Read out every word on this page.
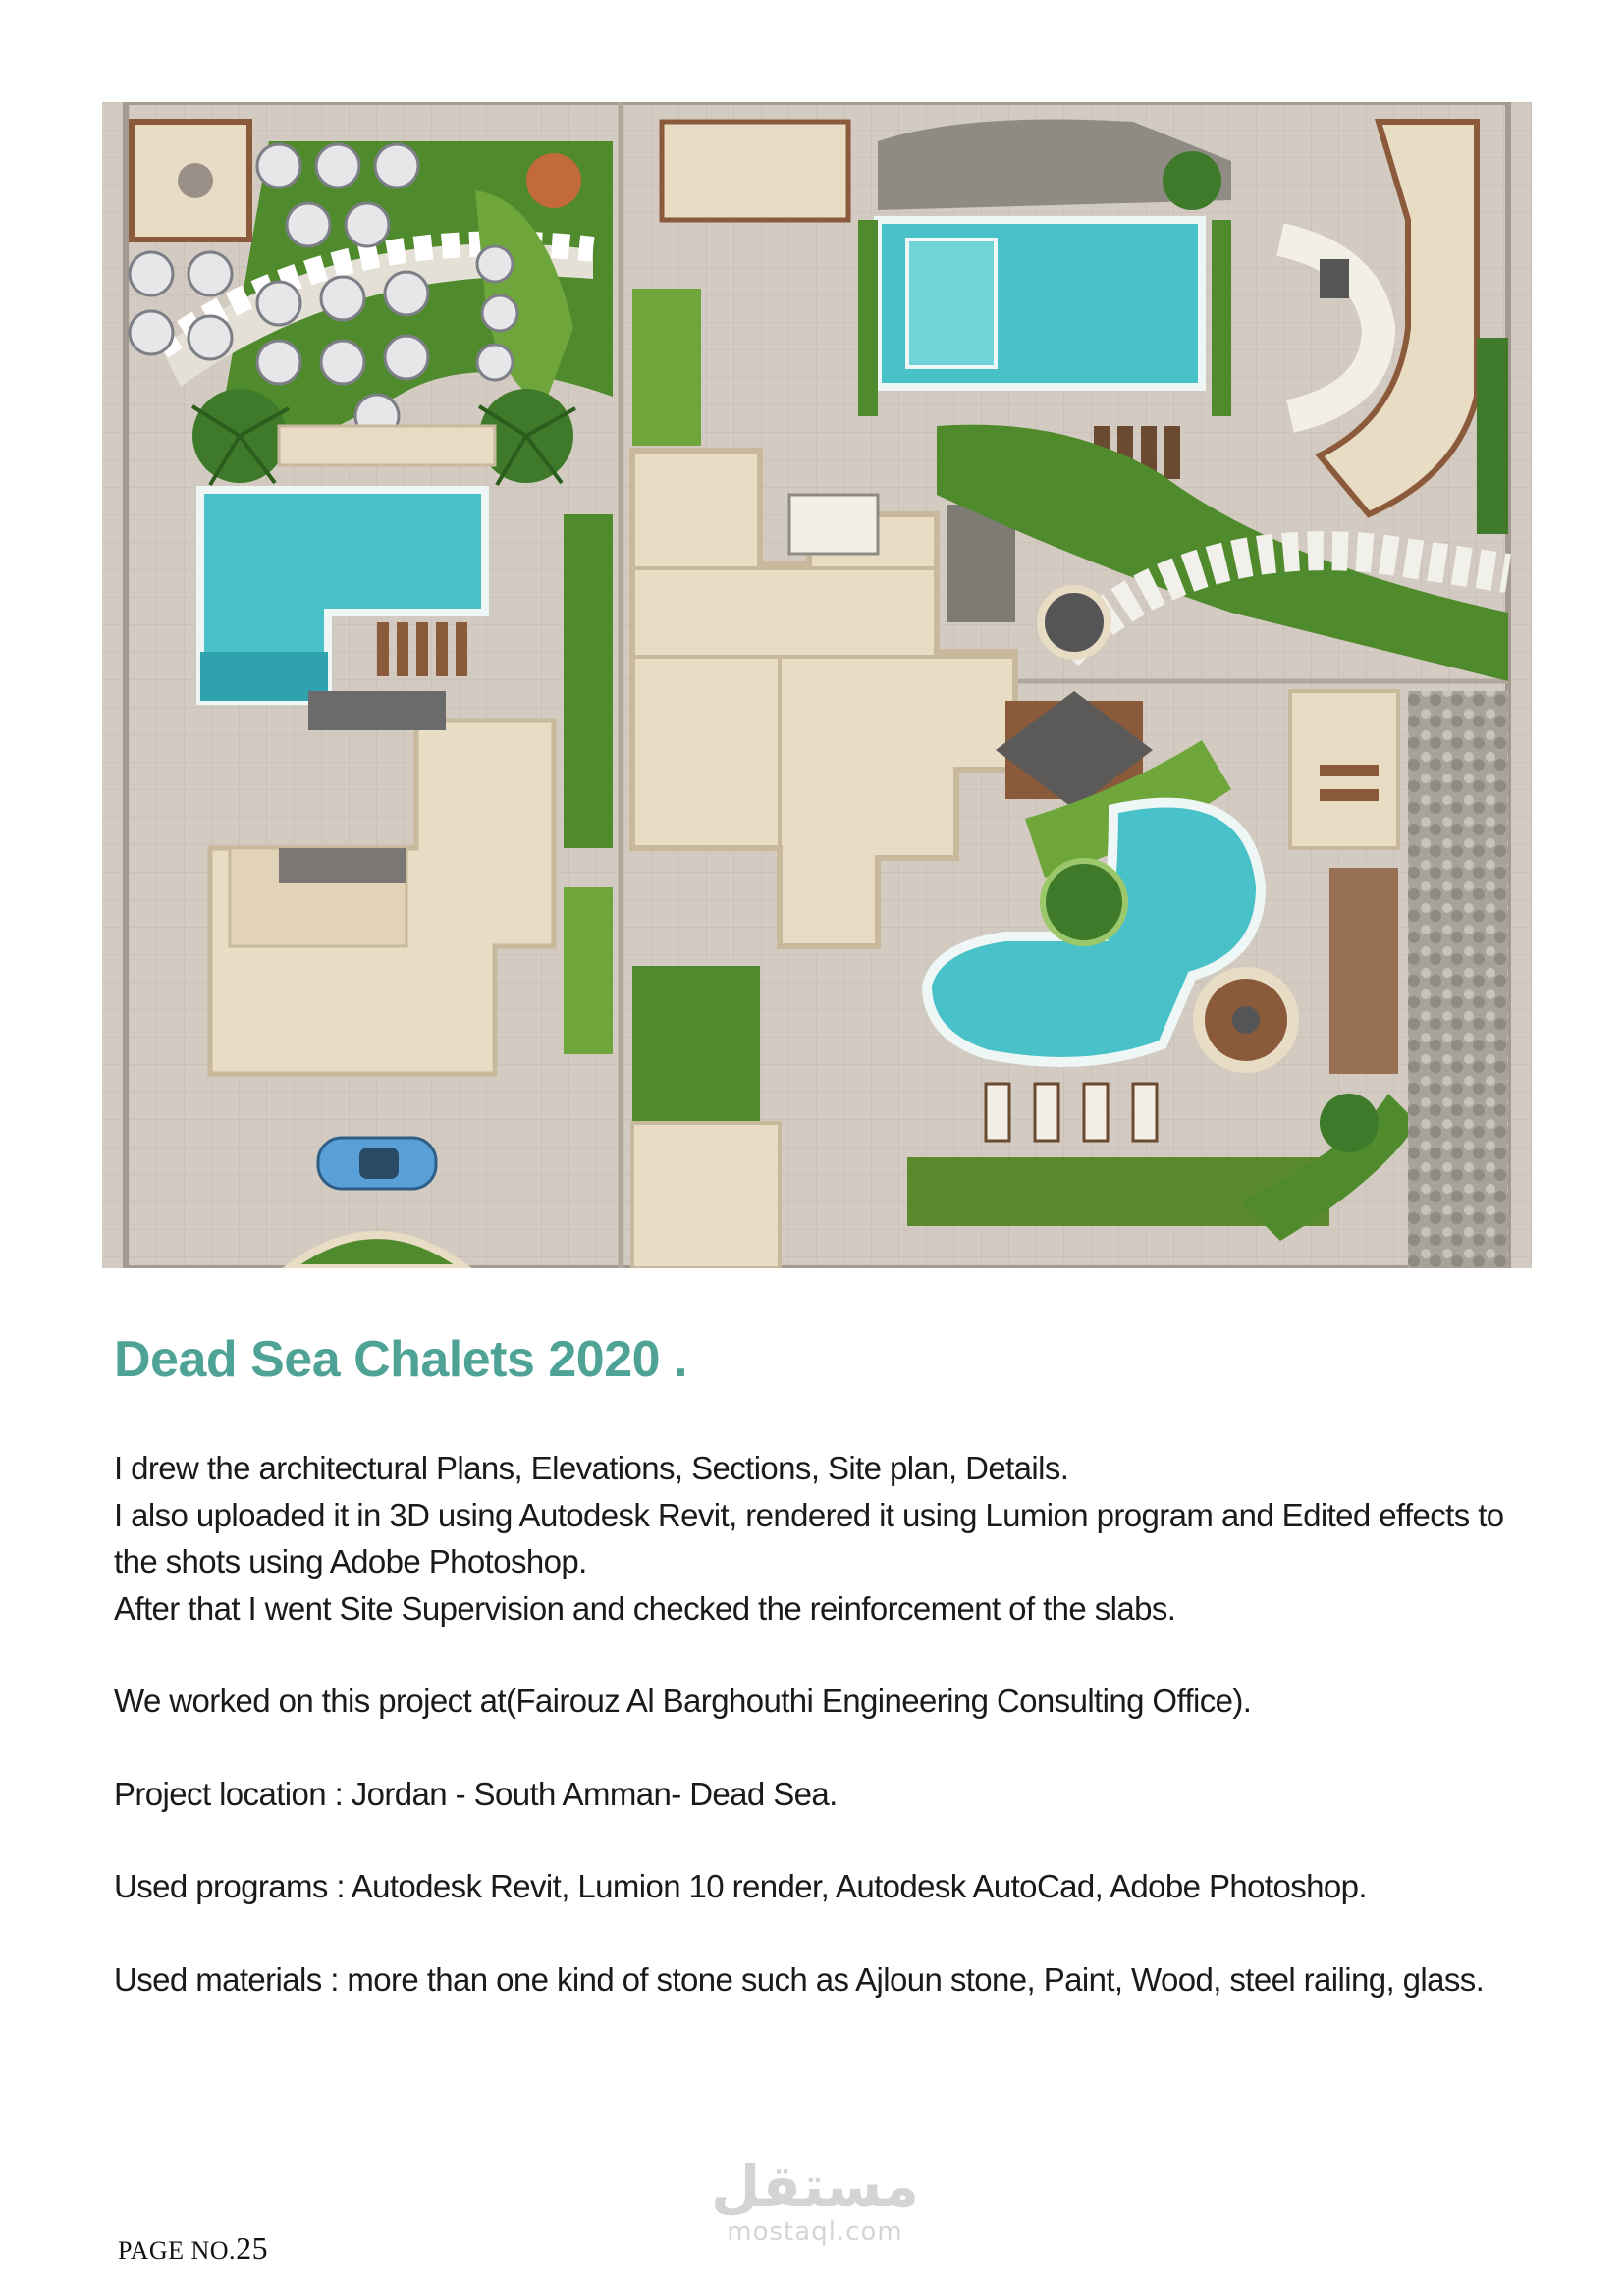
Dead Sea Chalets 2020 .

I drew the architectural Plans, Elevations, Sections, Site plan, Details.

I also uploaded it in 3D using Autodesk Revit, rendered it using Lumion program and Edited effects to the shots using Adobe Photoshop.

After that I went Site Supervision and checked the reinforcement of the slabs.

We worked on this project at(Fairouz Al Barghouthi Engineering Consulting Office).

Project location : Jordan - South Amman- Dead Sea.

Used programs : Autodesk Revit, Lumion 10 render, Autodesk AutoCad, Adobe Photoshop.

Used materials : more than one kind of stone such as Ajloun stone, Paint, Wood, steel railing, glass.

مستقل
mostaql.com
PAGE NO.25
